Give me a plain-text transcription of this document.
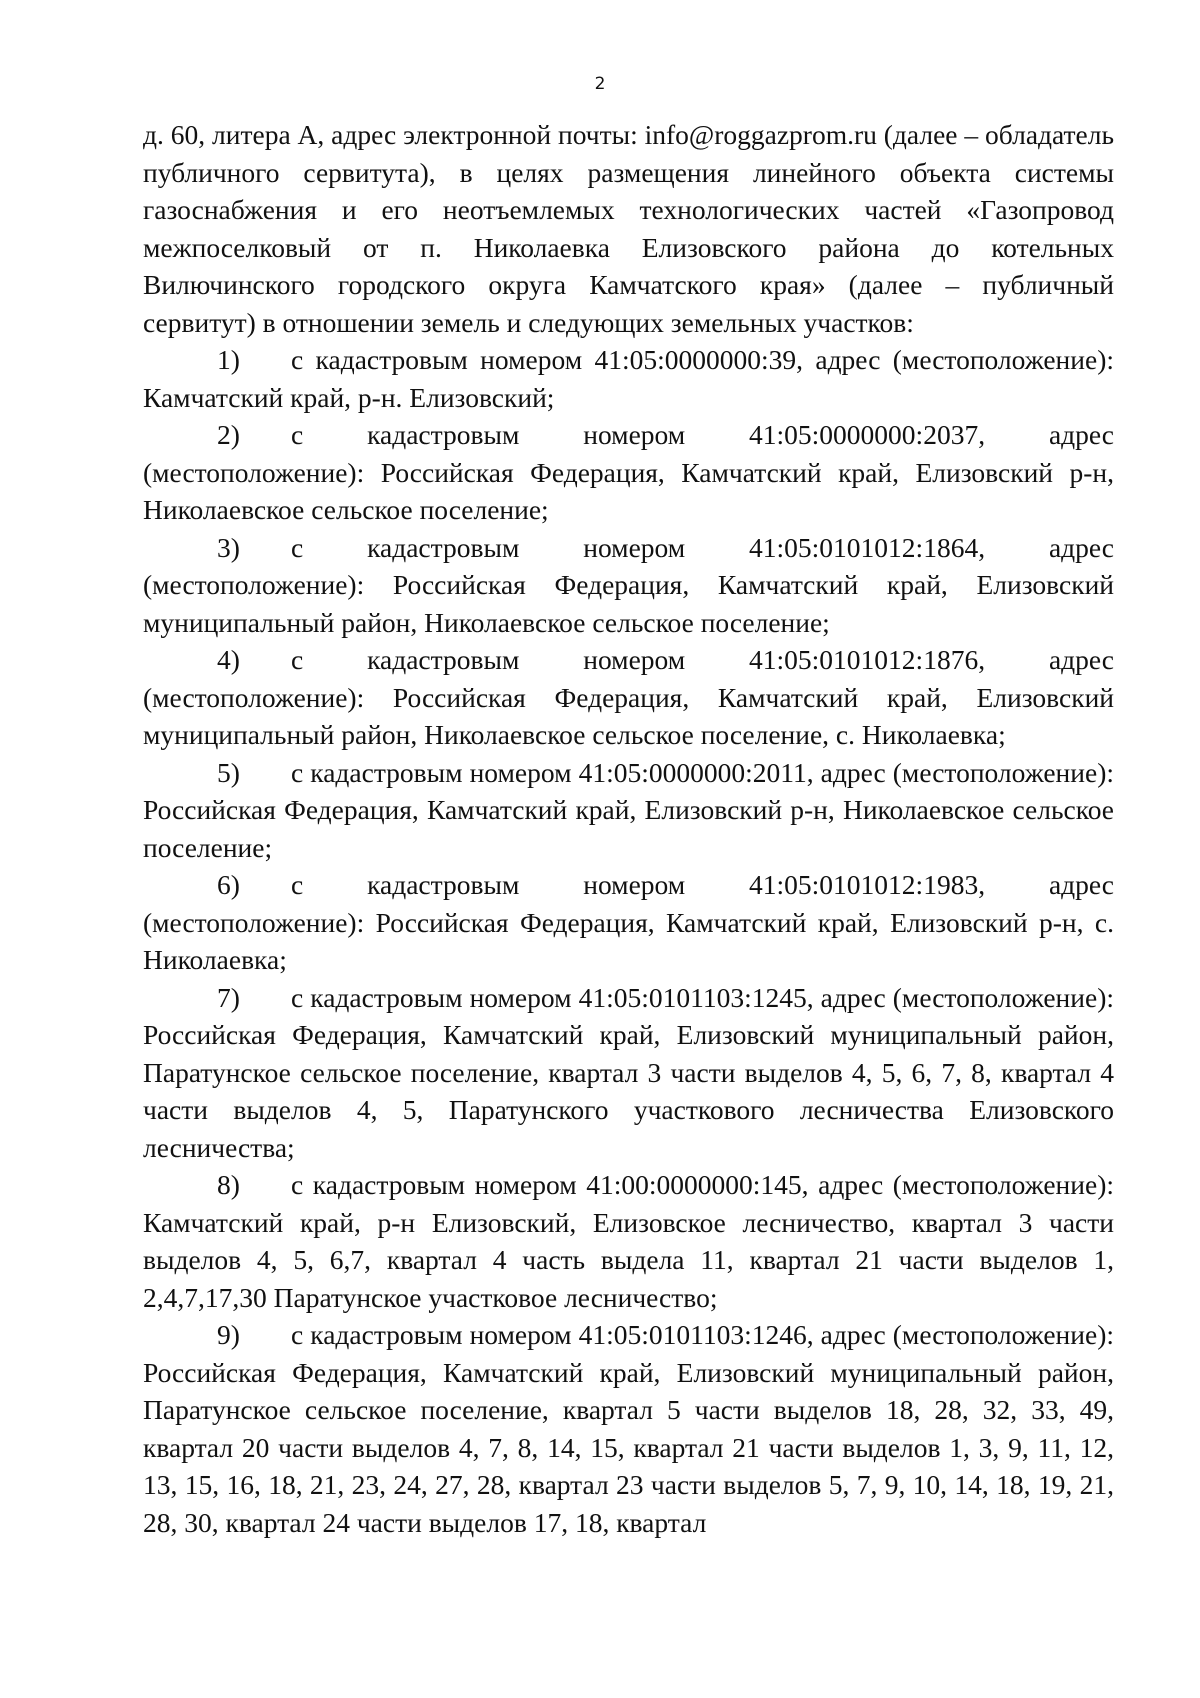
2

д. 60, литера А, адрес электронной почты: info@roggazprom.ru (далее – обладатель публичного сервитута), в целях размещения линейного объекта системы газоснабжения и его неотъемлемых технологических частей «Газопровод межпоселковый от п. Николаевка Елизовского района до котельных Вилючинского городского округа Камчатского края» (далее – публичный сервитут) в отношении земель и следующих земельных участков:

1) с кадастровым номером 41:05:0000000:39, адрес (местоположение): Камчатский край, р-н. Елизовский;

2) с кадастровым номером 41:05:0000000:2037, адрес (местоположение): Российская Федерация, Камчатский край, Елизовский р-н, Николаевское сельское поселение;

3) с кадастровым номером 41:05:0101012:1864, адрес (местоположение): Российская Федерация, Камчатский край, Елизовский муниципальный район, Николаевское сельское поселение;

4) с кадастровым номером 41:05:0101012:1876, адрес (местоположение): Российская Федерация, Камчатский край, Елизовский муниципальный район, Николаевское сельское поселение, с. Николаевка;

5) с кадастровым номером 41:05:0000000:2011, адрес (местоположение): Российская Федерация, Камчатский край, Елизовский р-н, Николаевское сельское поселение;

6) с кадастровым номером 41:05:0101012:1983, адрес (местоположение): Российская Федерация, Камчатский край, Елизовский р-н, с. Николаевка;

7) с кадастровым номером 41:05:0101103:1245, адрес (местоположение): Российская Федерация, Камчатский край, Елизовский муниципальный район, Паратунское сельское поселение, квартал 3 части выделов 4, 5, 6, 7, 8, квартал 4 части выделов 4, 5, Паратунского участкового лесничества Елизовского лесничества;

8) с кадастровым номером 41:00:0000000:145, адрес (местоположение): Камчатский край, р-н Елизовский, Елизовское лесничество, квартал 3 части выделов 4, 5, 6,7, квартал 4 часть выдела 11, квартал 21 части выделов 1, 2,4,7,17,30 Паратунское участковое лесничество;

9) с кадастровым номером 41:05:0101103:1246, адрес (местоположение): Российская Федерация, Камчатский край, Елизовский муниципальный район, Паратунское сельское поселение, квартал 5 части выделов 18, 28, 32, 33, 49, квартал 20 части выделов 4, 7, 8, 14, 15, квартал 21 части выделов 1, 3, 9, 11, 12, 13, 15, 16, 18, 21, 23, 24, 27, 28, квартал 23 части выделов 5, 7, 9, 10, 14, 18, 19, 21, 28, 30, квартал 24 части выделов 17, 18, квартал
